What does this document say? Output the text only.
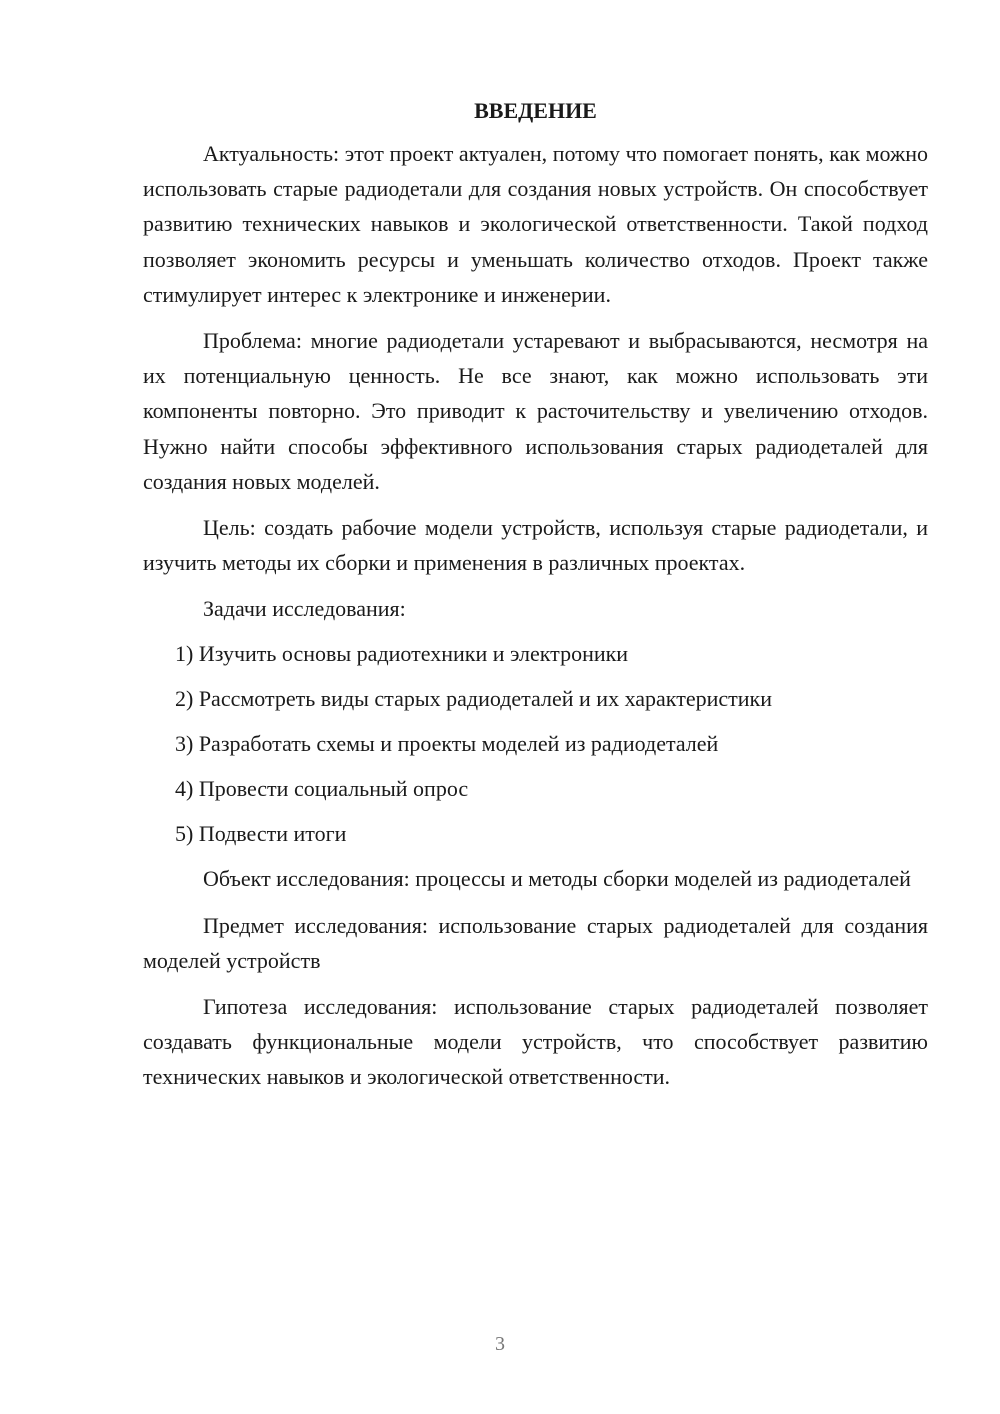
ВВЕДЕНИЕ

Актуальность: этот проект актуален, потому что помогает понять, как можно использовать старые радиодетали для создания новых устройств. Он способствует развитию технических навыков и экологической ответственности. Такой подход позволяет экономить ресурсы и уменьшать количество отходов. Проект также стимулирует интерес к электронике и инженерии.

Проблема: многие радиодетали устаревают и выбрасываются, несмотря на их потенциальную ценность. Не все знают, как можно использовать эти компоненты повторно. Это приводит к расточительству и увеличению отходов. Нужно найти способы эффективного использования старых радиодеталей для создания новых моделей.

Цель: создать рабочие модели устройств, используя старые радиодетали, и изучить методы их сборки и применения в различных проектах.

Задачи исследования:
1) Изучить основы радиотехники и электроники
2) Рассмотреть виды старых радиодеталей и их характеристики
3) Разработать схемы и проекты моделей из радиодеталей
4) Провести социальный опрос
5) Подвести итоги

Объект исследования: процессы и методы сборки моделей из радиодеталей

Предмет исследования: использование старых радиодеталей для создания моделей устройств

Гипотеза исследования: использование старых радиодеталей позволяет создавать функциональные модели устройств, что способствует развитию технических навыков и экологической ответственности.

3
